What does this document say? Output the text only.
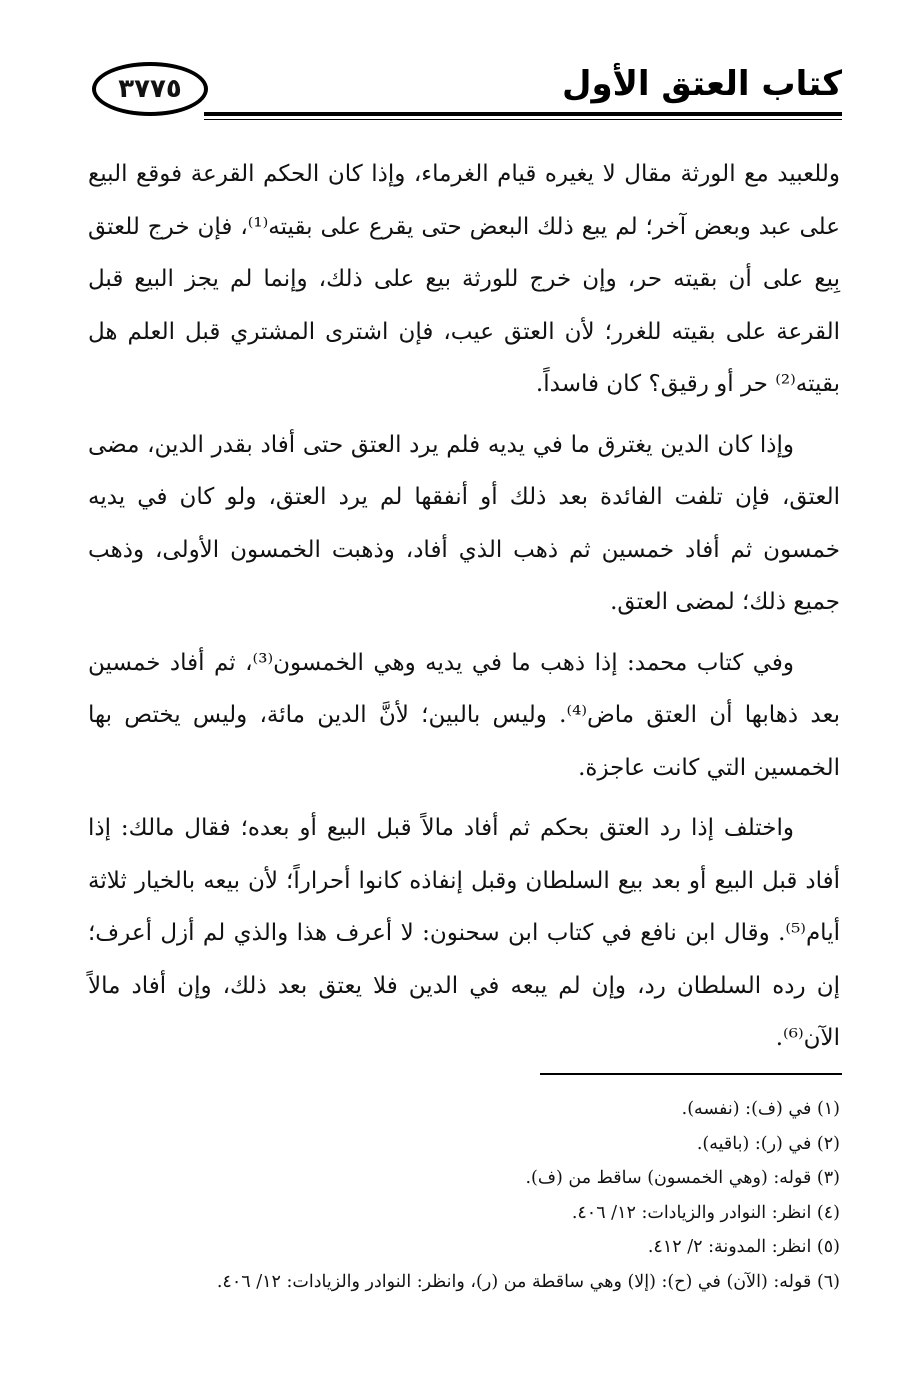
كتاب العتق الأول
٣٧٧٥

وللعبيد مع الورثة مقال لا يغيره قيام الغرماء، وإذا كان الحكم القرعة فوقع البيع على عبد وبعض آخر؛ لم يبع ذلك البعض حتى يقرع على بقيته⁽¹⁾، فإن خرج للعتق بِيع على أن بقيته حر، وإن خرج للورثة بيع على ذلك، وإنما لم يجز البيع قبل القرعة على بقيته للغرر؛ لأن العتق عيب، فإن اشترى المشتري قبل العلم هل بقيته⁽²⁾ حر أو رقيق؟ كان فاسداً.

وإذا كان الدين يغترق ما في يديه فلم يرد العتق حتى أفاد بقدر الدين، مضى العتق، فإن تلفت الفائدة بعد ذلك أو أنفقها لم يرد العتق، ولو كان في يديه خمسون ثم أفاد خمسين ثم ذهب الذي أفاد، وذهبت الخمسون الأولى، وذهب جميع ذلك؛ لمضى العتق.

وفي كتاب محمد: إذا ذهب ما في يديه وهي الخمسون⁽³⁾، ثم أفاد خمسين بعد ذهابها أن العتق ماض⁽⁴⁾. وليس بالبين؛ لأنَّ الدين مائة، وليس يختص بها الخمسين التي كانت عاجزة.

واختلف إذا رد العتق بحكم ثم أفاد مالاً قبل البيع أو بعده؛ فقال مالك: إذا أفاد قبل البيع أو بعد بيع السلطان وقبل إنفاذه كانوا أحراراً؛ لأن بيعه بالخيار ثلاثة أيام⁽⁵⁾. وقال ابن نافع في كتاب ابن سحنون: لا أعرف هذا والذي لم أزل أعرف؛ إن رده السلطان رد، وإن لم يبعه في الدين فلا يعتق بعد ذلك، وإن أفاد مالاً الآن⁽⁶⁾.

(١) في (ف): (نفسه).
(٢) في (ر): (باقيه).
(٣) قوله: (وهي الخمسون) ساقط من (ف).
(٤) انظر: النوادر والزيادات: ١٢/ ٤٠٦.
(٥) انظر: المدونة: ٢/ ٤١٢.
(٦) قوله: (الآن) في (ح): (إلا) وهي ساقطة من (ر)، وانظر: النوادر والزيادات: ١٢/ ٤٠٦.
